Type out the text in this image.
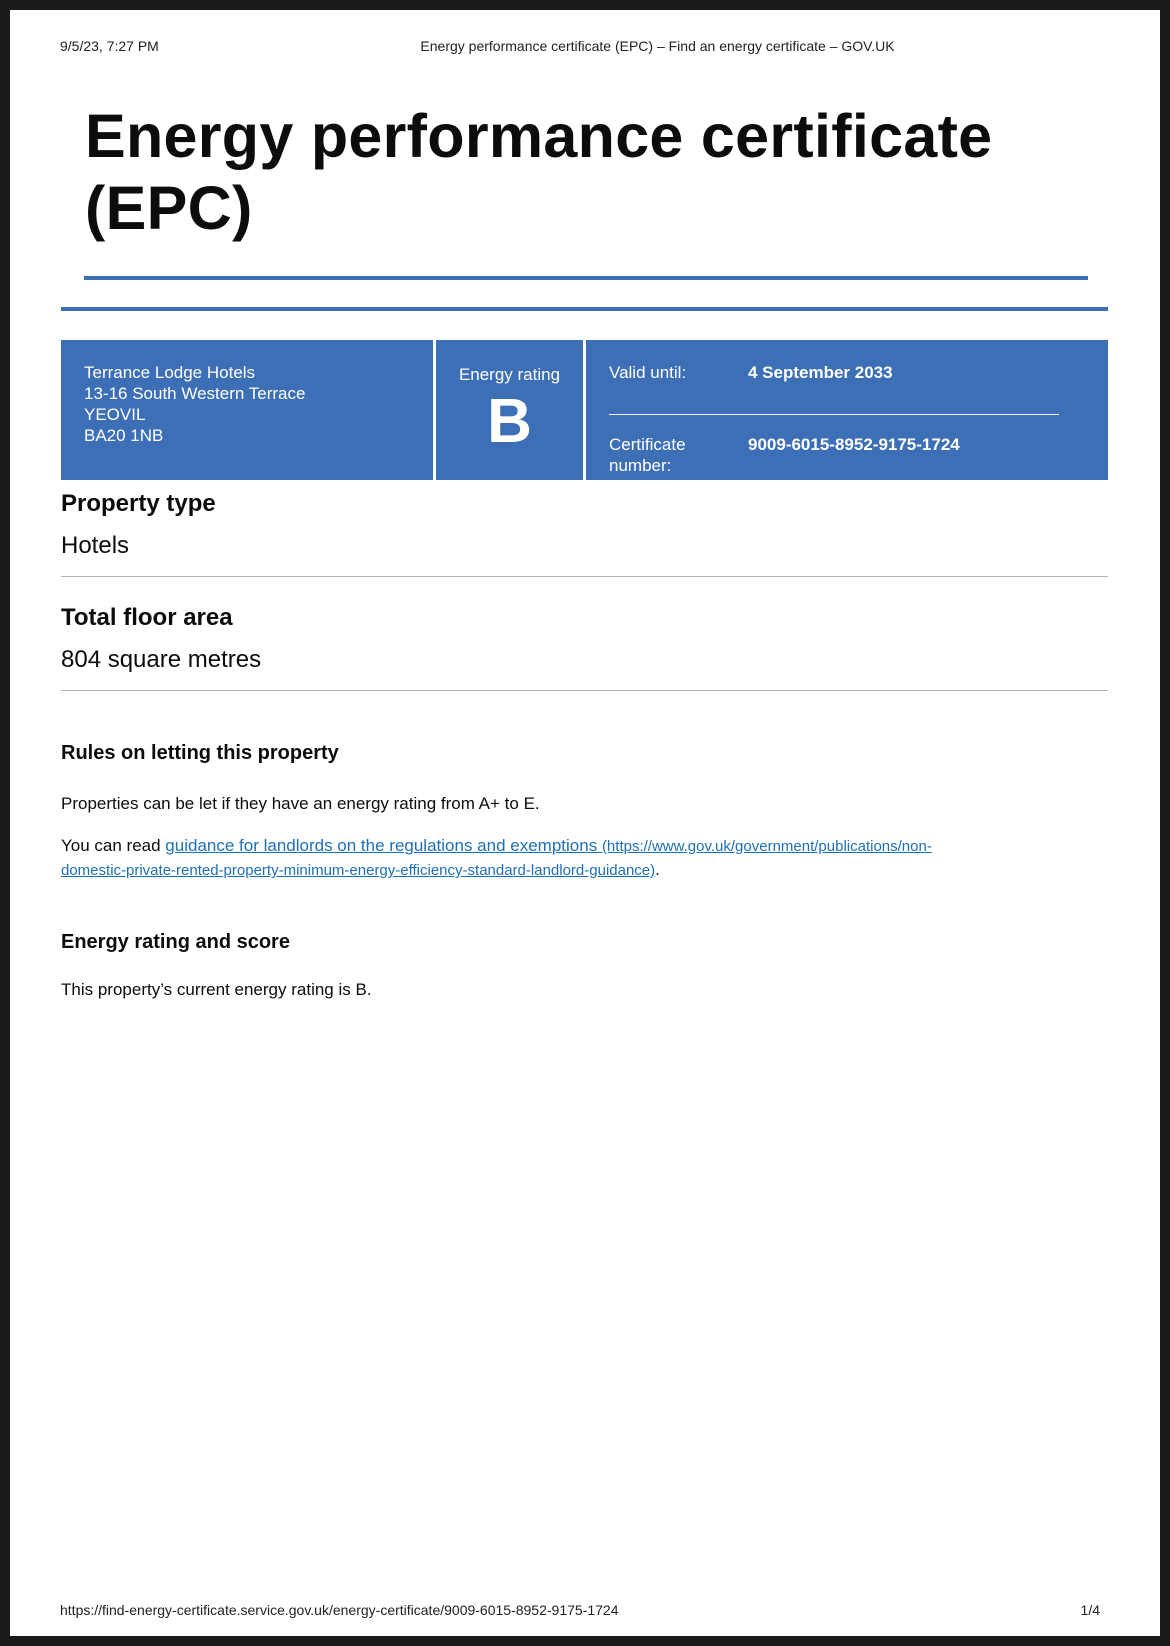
9/5/23, 7:27 PM	Energy performance certificate (EPC) – Find an energy certificate – GOV.UK
Energy performance certificate
(EPC)
Terrance Lodge Hotels
13-16 South Western Terrace
YEOVIL
BA20 1NB
Energy rating
B
Valid until:	4 September 2033
Certificate number:
9009-6015-8952-9175-1724
Property type
Hotels
Total floor area
804 square metres
Rules on letting this property

Properties can be let if they have an energy rating from A+ to E.

You can read guidance for landlords on the regulations and exemptions (https://www.gov.uk/government/publications/non-
domestic-private-rented-property-minimum-energy-efficiency-standard-landlord-guidance).

Energy rating and score

This property’s current energy rating is B.

https://find-energy-certificate.service.gov.uk/energy-certificate/9009-6015-8952-9175-1724	1/4
